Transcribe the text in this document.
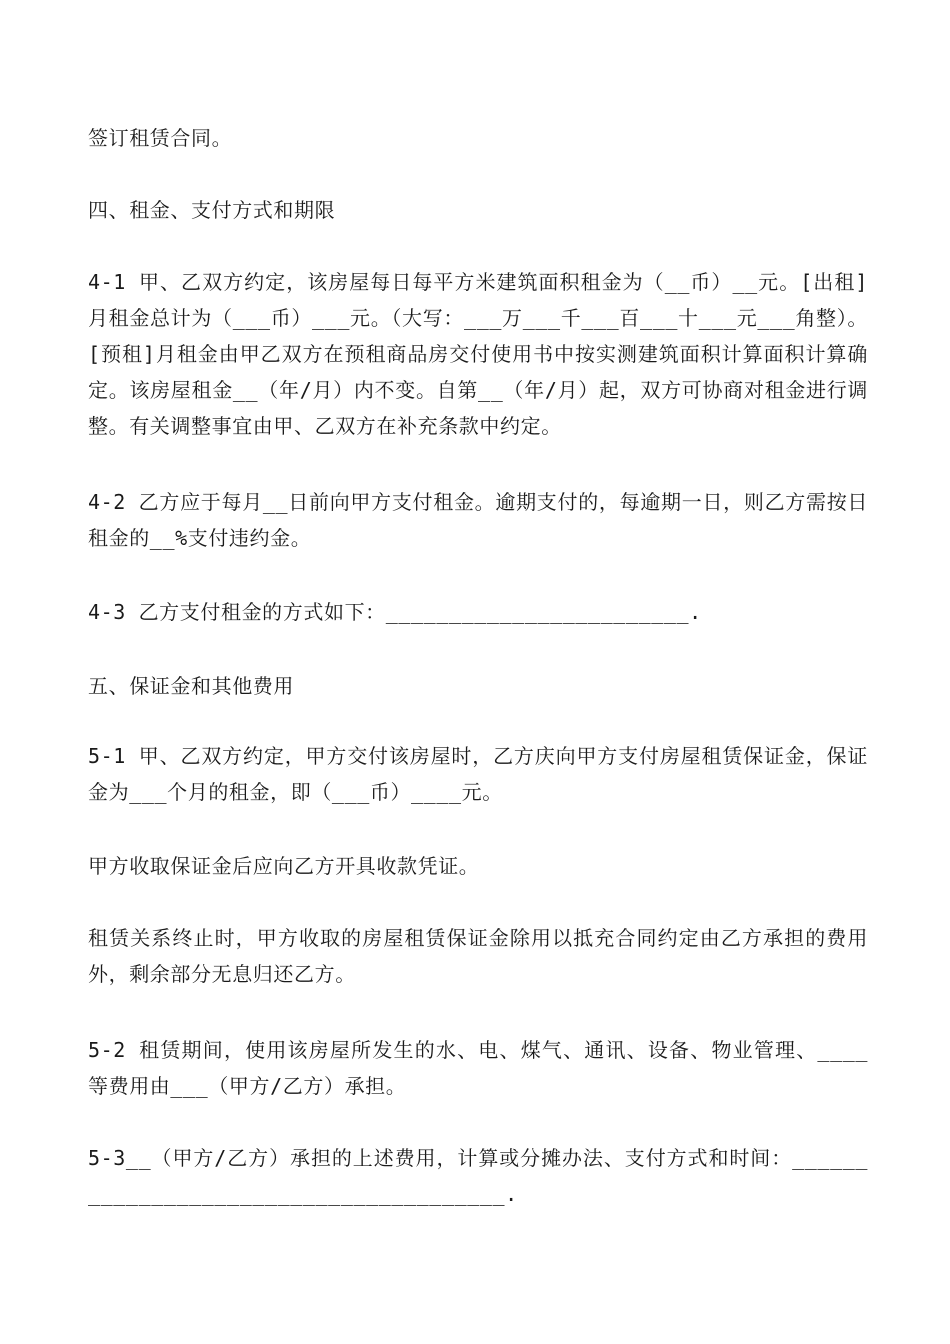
签订租赁合同。

四、租金、支付方式和期限

4-1 甲、乙双方约定，该房屋每日每平方米建筑面积租金为（__币）__元。[出租]月租金总计为（___币）___元。（大写：___万___千___百___十___元___角整）。[预租]月租金由甲乙双方在预租商品房交付使用书中按实测建筑面积计算面积计算确定。该房屋租金__（年/月）内不变。自第__（年/月）起，双方可协商对租金进行调整。有关调整事宜由甲、乙双方在补充条款中约定。

4-2 乙方应于每月__日前向甲方支付租金。逾期支付的，每逾期一日，则乙方需按日租金的__%支付违约金。

4-3 乙方支付租金的方式如下：________________________.

五、保证金和其他费用

5-1 甲、乙双方约定，甲方交付该房屋时，乙方庆向甲方支付房屋租赁保证金，保证金为___个月的租金，即（___币）____元。

甲方收取保证金后应向乙方开具收款凭证。

租赁关系终止时，甲方收取的房屋租赁保证金除用以抵充合同约定由乙方承担的费用外，剩余部分无息归还乙方。

5-2 租赁期间，使用该房屋所发生的水、电、煤气、通讯、设备、物业管理、____等费用由___（甲方/乙方）承担。

5-3__（甲方/乙方）承担的上述费用，计算或分摊办法、支付方式和时间：_______________________________________.
